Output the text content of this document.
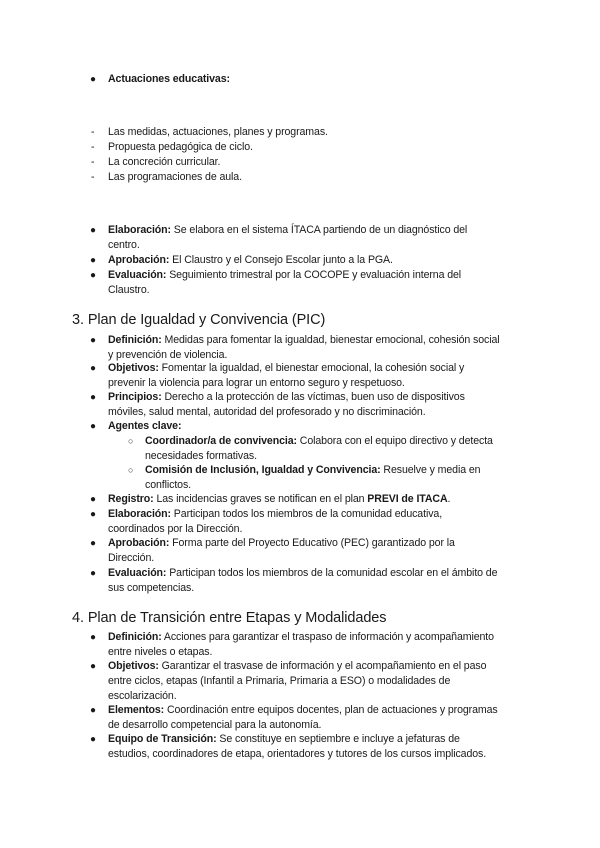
● Actuaciones educativas:
- Las medidas, actuaciones, planes y programas.
- Propuesta pedagógica de ciclo.
- La concreción curricular.
- Las programaciones de aula.
● Elaboración: Se elabora en el sistema ÍTACA partiendo de un diagnóstico del
centro.
● Aprobación: El Claustro y el Consejo Escolar junto a la PGA.
● Evaluación: Seguimiento trimestral por la COCOPE y evaluación interna del
Claustro.
3. Plan de Igualdad y Convivencia (PIC)
● Definición: Medidas para fomentar la igualdad, bienestar emocional, cohesión social
y prevención de violencia.
● Objetivos: Fomentar la igualdad, el bienestar emocional, la cohesión social y
prevenir la violencia para lograr un entorno seguro y respetuoso.
● Principios: Derecho a la protección de las víctimas, buen uso de dispositivos
móviles, salud mental, autoridad del profesorado y no discriminación.
● Agentes clave:
○ Coordinador/a de convivencia: Colabora con el equipo directivo y detecta
necesidades formativas.
○ Comisión de Inclusión, Igualdad y Convivencia: Resuelve y media en
conflictos.
● Registro: Las incidencias graves se notifican en el plan PREVI de ITACA.
● Elaboración: Participan todos los miembros de la comunidad educativa,
coordinados por la Dirección.
● Aprobación: Forma parte del Proyecto Educativo (PEC) garantizado por la
Dirección.
● Evaluación: Participan todos los miembros de la comunidad escolar en el ámbito de
sus competencias.
4. Plan de Transición entre Etapas y Modalidades
● Definición: Acciones para garantizar el traspaso de información y acompañamiento
entre niveles o etapas.
● Objetivos: Garantizar el trasvase de información y el acompañamiento en el paso
entre ciclos, etapas (Infantil a Primaria, Primaria a ESO) o modalidades de
escolarización.
● Elementos: Coordinación entre equipos docentes, plan de actuaciones y programas
de desarrollo competencial para la autonomía.
● Equipo de Transición: Se constituye en septiembre e incluye a jefaturas de
estudios, coordinadores de etapa, orientadores y tutores de los cursos implicados.
